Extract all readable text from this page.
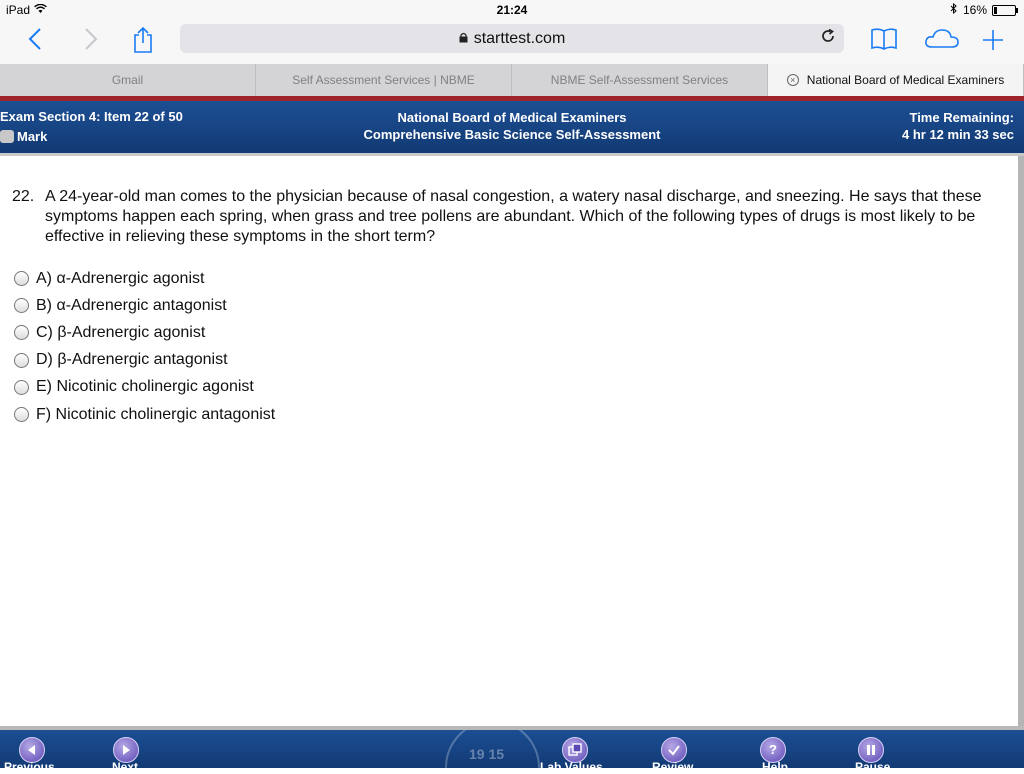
iPad	21:24	16%
starttest.com
Gmail	Self Assessment Services | NBME	NBME Self-Assessment Services	× National Board of Medical Examiners
Exam Section 4: Item 22 of 50
Mark
National Board of Medical Examiners
Comprehensive Basic Science Self-Assessment
Time Remaining:
4 hr 12 min 33 sec
22. A 24-year-old man comes to the physician because of nasal congestion, a watery nasal discharge, and sneezing. He says that these symptoms happen each spring, when grass and tree pollens are abundant. Which of the following types of drugs is most likely to be effective in relieving these symptoms in the short term?
A) α-Adrenergic agonist
B) α-Adrenergic antagonist
C) β-Adrenergic agonist
D) β-Adrenergic antagonist
E) Nicotinic cholinergic agonist
F) Nicotinic cholinergic antagonist
19 15
Previous	Next	Lab Values	Review
?
Help	Pause
